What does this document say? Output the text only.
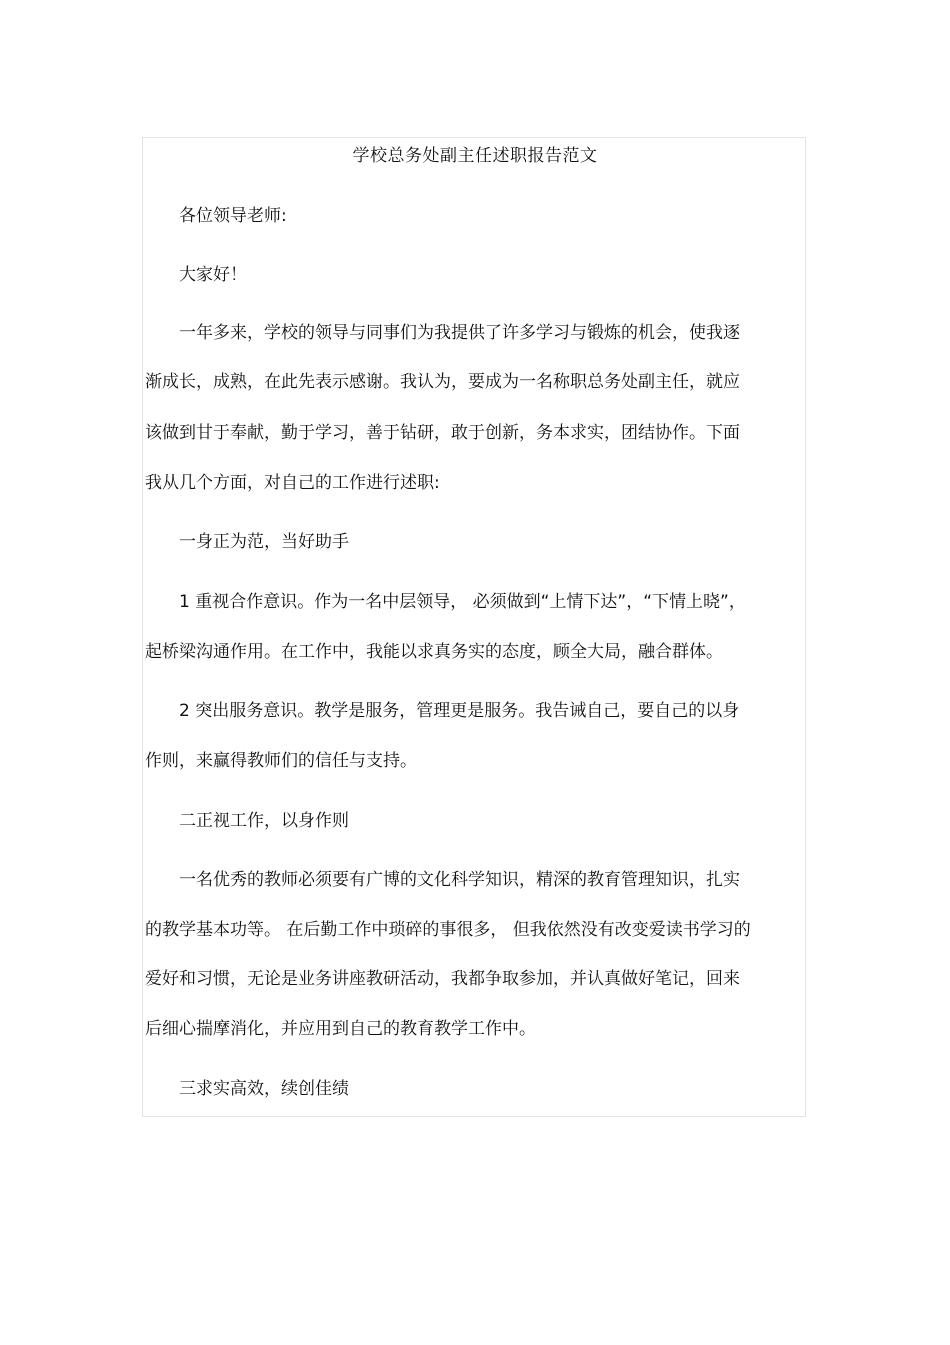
学校总务处副主任述职报告范文
各位领导老师:
大家好！
一年多来，学校的领导与同事们为我提供了许多学习与锻炼的机会，使我逐
渐成长，成熟，在此先表示感谢。我认为，要成为一名称职总务处副主任，就应
该做到甘于奉献，勤于学习，善于钻研，敢于创新，务本求实，团结协作。下面
我从几个方面，对自己的工作进行述职:
一身正为范，当好助手
1 重视合作意识。作为一名中层领导， 必须做到“上情下达”，“下情上晓”，
起桥梁沟通作用。在工作中，我能以求真务实的态度，顾全大局，融合群体。
2 突出服务意识。教学是服务，管理更是服务。我告诫自己，要自己的以身
作则，来赢得教师们的信任与支持。
二正视工作，以身作则
一名优秀的教师必须要有广博的文化科学知识，精深的教育管理知识，扎实
的教学基本功等。 在后勤工作中琐碎的事很多， 但我依然没有改变爱读书学习的
爱好和习惯，无论是业务讲座教研活动，我都争取参加，并认真做好笔记，回来
后细心揣摩消化，并应用到自己的教育教学工作中。
三求实高效，续创佳绩
